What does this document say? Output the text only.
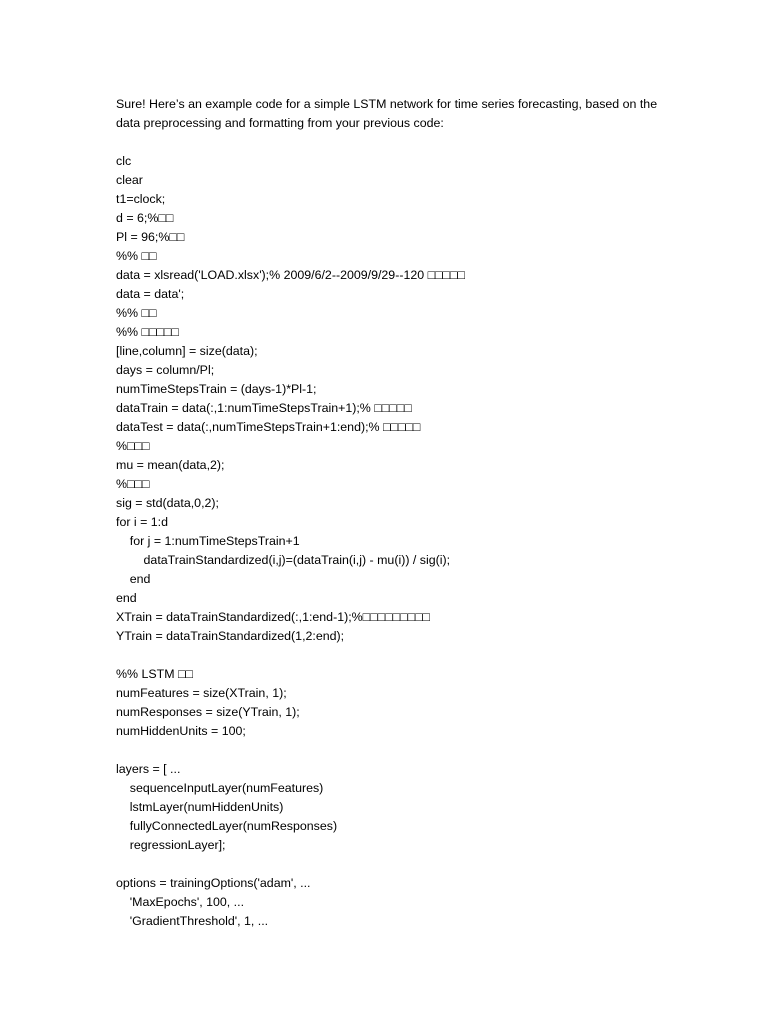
Sure! Here’s an example code for a simple LSTM network for time series forecasting, based on the
data preprocessing and formatting from your previous code:
clc
clear
t1=clock;
d = 6;%□□
Pl = 96;%□□
%% □□
data = xlsread('LOAD.xlsx');% 2009/6/2--2009/9/29--120 □□□□□
data = data';
%% □□
%% □□□□□
[line,column] = size(data);
days = column/Pl;
numTimeStepsTrain = (days-1)*Pl-1;
dataTrain = data(:,1:numTimeStepsTrain+1);% □□□□□
dataTest = data(:,numTimeStepsTrain+1:end);% □□□□□
%□□□
mu = mean(data,2);
%□□□
sig = std(data,0,2);
for i = 1:d
for j = 1:numTimeStepsTrain+1
dataTrainStandardized(i,j)=(dataTrain(i,j) - mu(i)) / sig(i);
end
end
XTrain = dataTrainStandardized(:,1:end-1);%□□□□□□□□□
YTrain = dataTrainStandardized(1,2:end);
%% LSTM □□
numFeatures = size(XTrain, 1);
numResponses = size(YTrain, 1);
numHiddenUnits = 100;
layers = [ ...
sequenceInputLayer(numFeatures)
lstmLayer(numHiddenUnits)
fullyConnectedLayer(numResponses)
regressionLayer];
options = trainingOptions('adam', ...
'MaxEpochs', 100, ...
'GradientThreshold', 1, ...
